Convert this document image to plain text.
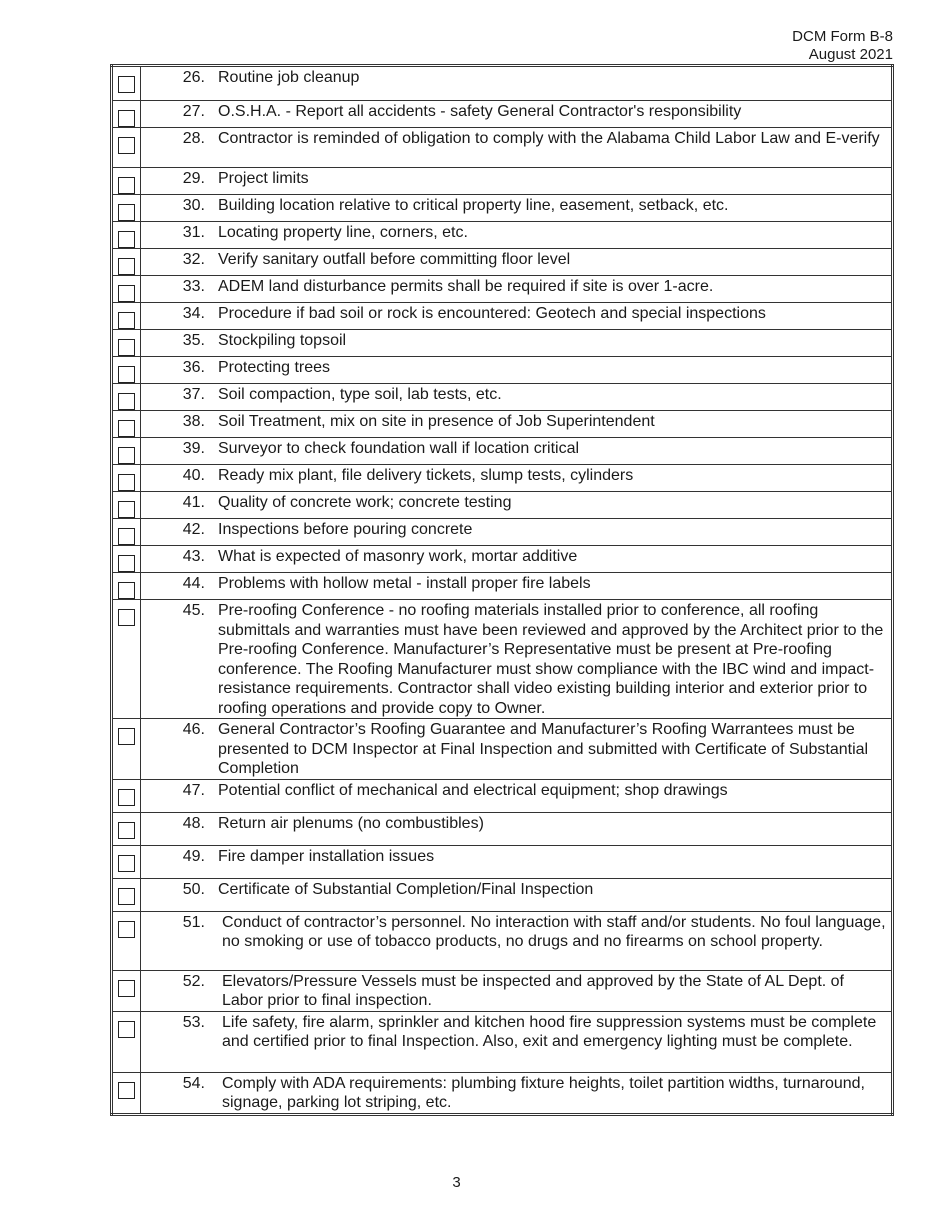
DCM Form B-8
August 2021

	26. Routine job cleanup

	27. O.S.H.A. - Report all accidents - safety General Contractor's responsibility

	28. Contractor is reminded of obligation to comply with the Alabama Child Labor Law and E-verify

	29. Project limits

	30. Building location relative to critical property line, easement, setback, etc.

	31. Locating property line, corners, etc.

	32. Verify sanitary outfall before committing floor level

	33. ADEM land disturbance permits shall be required if site is over 1-acre.

	34. Procedure if bad soil or rock is encountered: Geotech and special inspections

	35. Stockpiling topsoil

	36. Protecting trees

	37. Soil compaction, type soil, lab tests, etc.

	38. Soil Treatment, mix on site in presence of Job Superintendent

	39. Surveyor to check foundation wall if location critical

	40. Ready mix plant, file delivery tickets, slump tests, cylinders

	41. Quality of concrete work; concrete testing

	42. Inspections before pouring concrete

	43. What is expected of masonry work, mortar additive

	44. Problems with hollow metal - install proper fire labels

	45. Pre-roofing Conference - no roofing materials installed prior to conference, all roofing submittals and warranties must have been reviewed and approved by the Architect prior to the Pre-roofing Conference. Manufacturer’s Representative must be present at Pre-roofing conference. The Roofing Manufacturer must show compliance with the IBC wind and impact-resistance requirements. Contractor shall video existing building interior and exterior prior to roofing operations and provide copy to Owner.

	46. General Contractor’s Roofing Guarantee and Manufacturer’s Roofing Warrantees must be presented to DCM Inspector at Final Inspection and submitted with Certificate of Substantial Completion

	47. Potential conflict of mechanical and electrical equipment; shop drawings

	48. Return air plenums (no combustibles)

	49. Fire damper installation issues

	50. Certificate of Substantial Completion/Final Inspection

	51. Conduct of contractor’s personnel. No interaction with staff and/or students. No foul language, no smoking or use of tobacco products, no drugs and no firearms on school property.

	52. Elevators/Pressure Vessels must be inspected and approved by the State of AL Dept. of Labor prior to final inspection.

	53. Life safety, fire alarm, sprinkler and kitchen hood fire suppression systems must be complete and certified prior to final Inspection. Also, exit and emergency lighting must be complete.

	54. Comply with ADA requirements: plumbing fixture heights, toilet partition widths, turnaround, signage, parking lot striping, etc.
3
